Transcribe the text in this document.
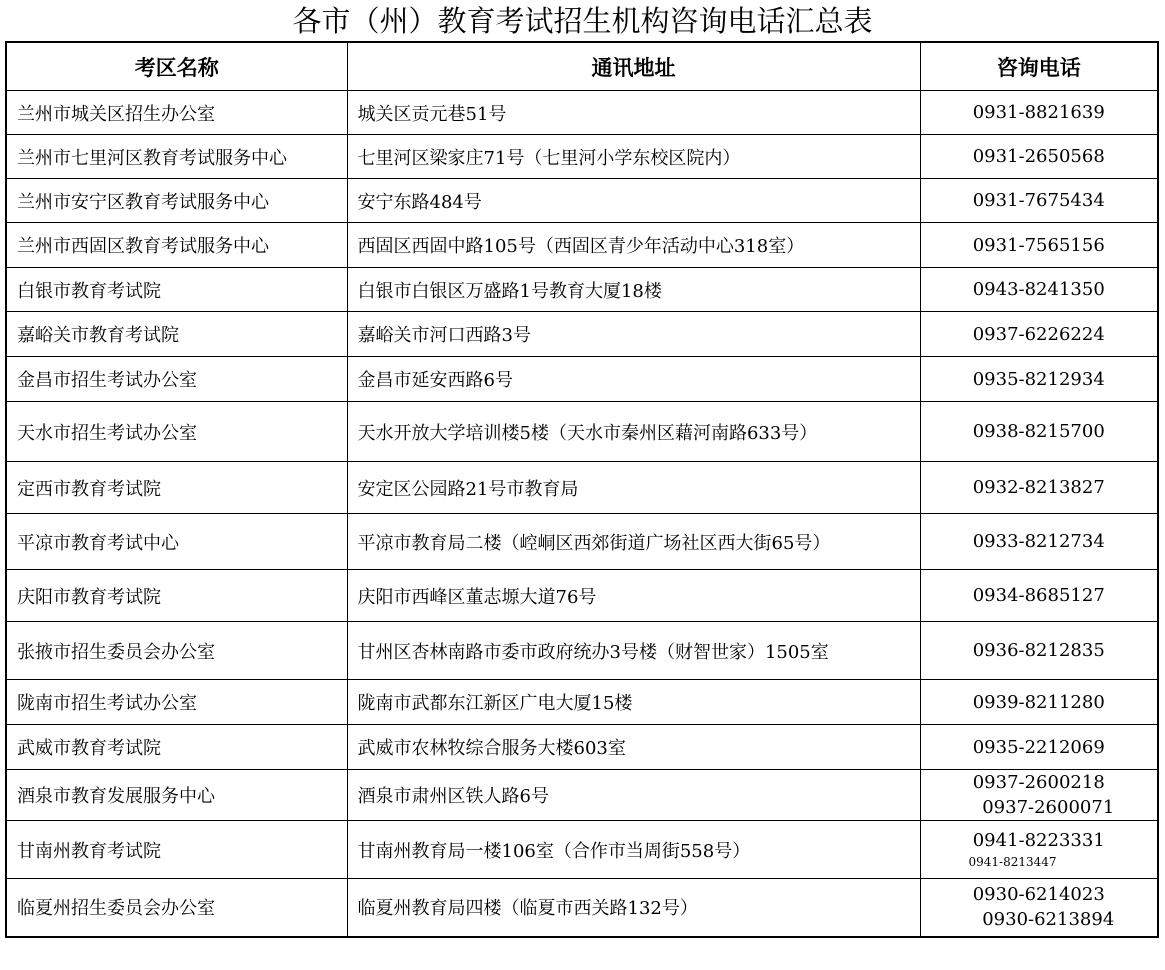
各市（州）教育考试招生机构咨询电话汇总表
考区名称	通讯地址	咨询电话
兰州市城关区招生办公室	城关区贡元巷51号	0931-8821639

兰州市七里河区教育考试服务中心	七里河区梁家庄71号（七里河小学东校区院内）	0931-2650568

兰州市安宁区教育考试服务中心	安宁东路484号	0931-7675434

兰州市西固区教育考试服务中心	西固区西固中路105号（西固区青少年活动中心318室）	0931-7565156

白银市教育考试院	白银市白银区万盛路1号教育大厦18楼	0943-8241350

嘉峪关市教育考试院	嘉峪关市河口西路3号	0937-6226224

金昌市招生考试办公室	金昌市延安西路6号	0935-8212934

天水市招生考试办公室	天水开放大学培训楼5楼（天水市秦州区藉河南路633号）	0938-8215700

定西市教育考试院	安定区公园路21号市教育局	0932-8213827

平凉市教育考试中心	平凉市教育局二楼（崆峒区西郊街道广场社区西大街65号）	0933-8212734

庆阳市教育考试院	庆阳市西峰区董志塬大道76号	0934-8685127

张掖市招生委员会办公室	甘州区杏林南路市委市政府统办3号楼（财智世家）1505室	0936-8212835

陇南市招生考试办公室	陇南市武都东江新区广电大厦15楼	0939-8211280

武威市教育考试院	武威市农林牧综合服务大楼603室	0935-2212069

酒泉市教育发展服务中心	酒泉市肃州区铁人路6号	0937-2600218
0937-2600071

甘南州教育考试院	甘南州教育局一楼106室（合作市当周街558号）	0941-8223331
0941-8213447

临夏州招生委员会办公室	临夏州教育局四楼（临夏市西关路132号）	0930-6214023
0930-6213894
